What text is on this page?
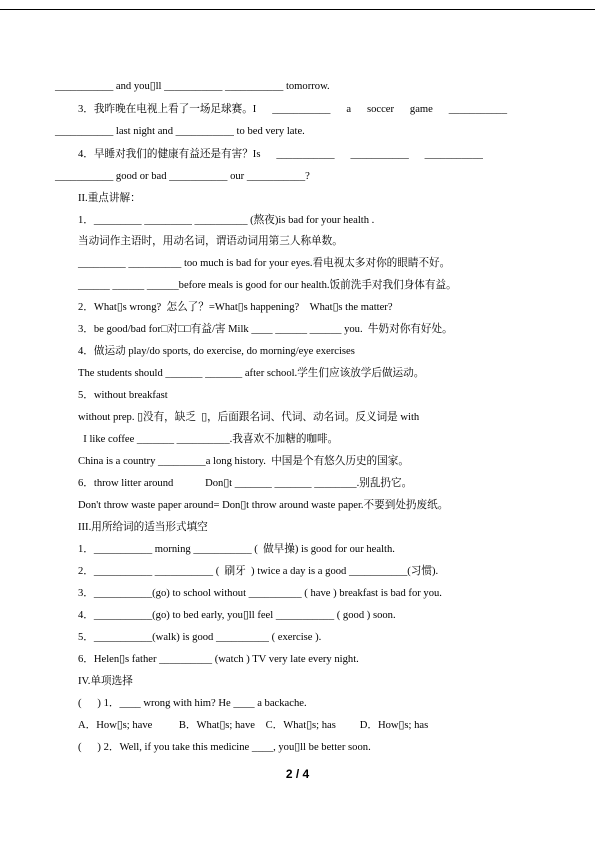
___________ and you▯ll ___________ ___________ tomorrow.
3．我昨晚在电视上看了一场足球赛。I      ___________      a      soccer      game      ___________
___________ last night and ___________ to bed very late.
4．早睡对我们的健康有益还是有害？Is      ___________      ___________      ___________
___________ good or bad ___________ our ___________?
II.重点讲解：
1．_________ _________ __________ (熬夜)is bad for your health .
当动词作主语时，用动名词，谓语动词用第三人称单数。
_________ __________ too much is bad for your eyes.看电视太多对你的眼睛不好。
______ ______ ______before meals is good for our health.饭前洗手对我们身体有益。
2．What▯s wrong?  怎么了？=What▯s happening?    What▯s the matter?
3．be good/bad for□对□□有益/害 Milk ____ ______ ______ you.  牛奶对你有好处。
4．做运动 play/do sports, do exercise, do morning/eye exercises
The students should _______ _______ after school.学生们应该放学后做运动。
5．without breakfast
without prep. ▯没有，缺乏  ▯，后面跟名词、代词、动名词。反义词是 with
I like coffee _______ __________.我喜欢不加糖的咖啡。
China is a country _________a long history.  中国是个有悠久历史的国家。
6．throw litter around            Don▯t _______ _______ ________.别乱扔它。
Don't throw waste paper around= Don▯t throw around waste paper.不要到处扔废纸。
III.用所给词的适当形式填空
1．___________ morning ___________ (  做早操) is good for our health.
2．___________ ___________ (  刷牙  ) twice a day is a good ___________(习惯).
3．___________(go) to school without __________ ( have ) breakfast is bad for you.
4．___________(go) to bed early, you▯ll feel ___________ ( good ) soon.
5．___________(walk) is good __________ ( exercise ).
6．Helen▯s father __________ (watch ) TV very late every night.
IV.单项选择
(      ) 1．____ wrong with him? He ____ a backache.
A．How▯s; have          B．What▯s; have    C．What▯s; has         D．How▯s; has
(      ) 2．Well, if you take this medicine ____, you▯ll be better soon.
2 / 4
